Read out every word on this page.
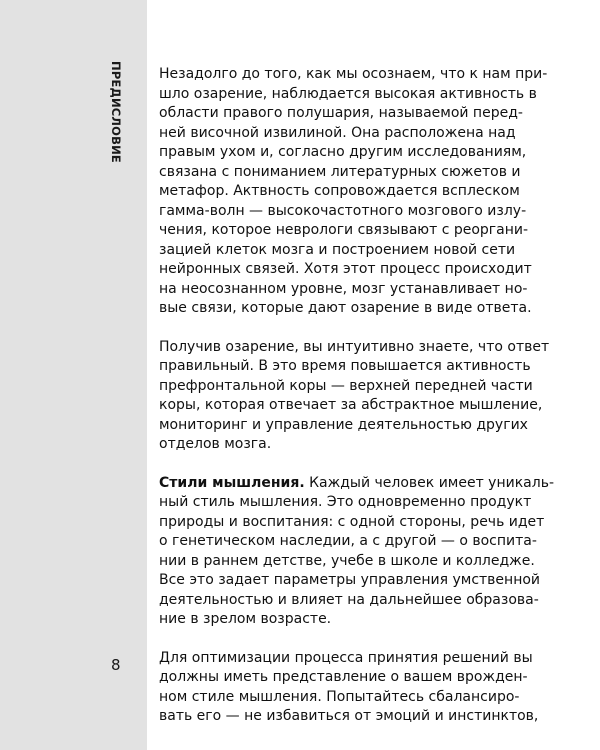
ПРЕДИСЛОВИЕ
8
Незадолго до того, как мы осознаем, что к нам при-
шло озарение, наблюдается высокая активность в
области правого полушария, называемой перед-
ней височной извилиной. Она расположена над
правым ухом и, согласно другим исследованиям,
связана с пониманием литературных сюжетов и
метафор. Актвность сопровождается всплеском
гамма-волн — высокочастотного мозгового излу-
чения, которое неврологи связывают с реоргани-
зацией клеток мозга и построением новой сети
нейронных связей. Хотя этот процесс происходит
на неосознанном уровне, мозг устанавливает но-
вые связи, которые дают озарение в виде ответа.
Получив озарение, вы интуитивно знаете, что ответ
правильный. В это время повышается активность
префронтальной коры — верхней передней части
коры, которая отвечает за абстрактное мышление,
мониторинг и управление деятельностью других
отделов мозга.
Стили мышления. Каждый человек имеет уникаль-
ный стиль мышления. Это одновременно продукт
природы и воспитания: с одной стороны, речь идет
о генетическом наследии, а с другой — о воспита-
нии в раннем детстве, учебе в школе и колледже.
Все это задает параметры управления умственной
деятельностью и влияет на дальнейшее образова-
ние в зрелом возрасте.
Для оптимизации процесса принятия решений вы
должны иметь представление о вашем врожден-
ном стиле мышления. Попытайтесь сбалансиро-
вать его — не избавиться от эмоций и инстинктов,
